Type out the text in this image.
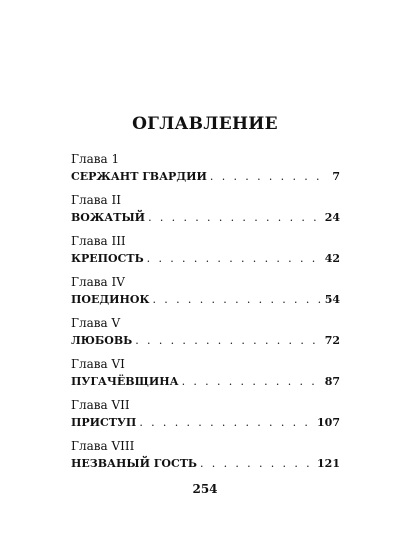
ОГЛАВЛЕНИЕ
Глава 1
СЕРЖАНТ ГВАРДИИ . . .	7
Глава II
ВОЖАТЫЙ . . .	24
Глава III
КРЕПОСТЬ . . .	42
Глава IV
ПОЕДИНОК . . .	54
Глава V
ЛЮБОВЬ . . .	72
Глава VI
ПУГАЧЁВЩИНА . . .	87
Глава VII
ПРИСТУП . . .	107
Глава VIII
НЕЗВАНЫЙ ГОСТЬ . . .	121
254
